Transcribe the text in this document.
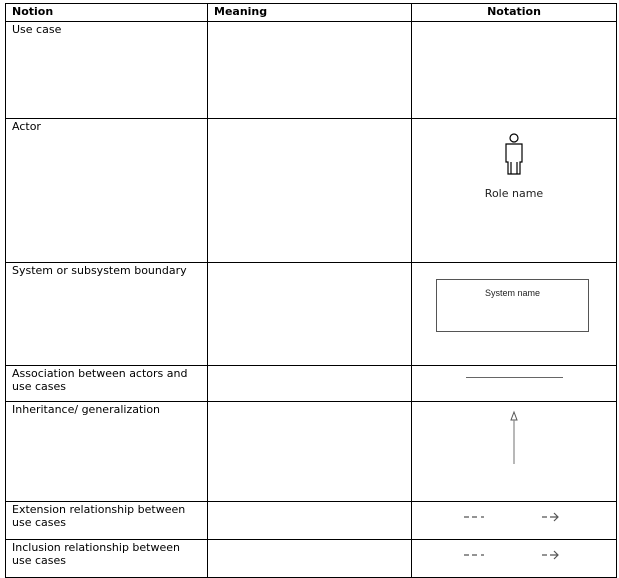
Notion	Meaning	Notation
Use case		
Actor		Role name

System or subsystem boundary		System name

Association between actors and use cases		

Inheritance/ generalization		

Extension relationship between use cases		

Inclusion relationship between use cases		
